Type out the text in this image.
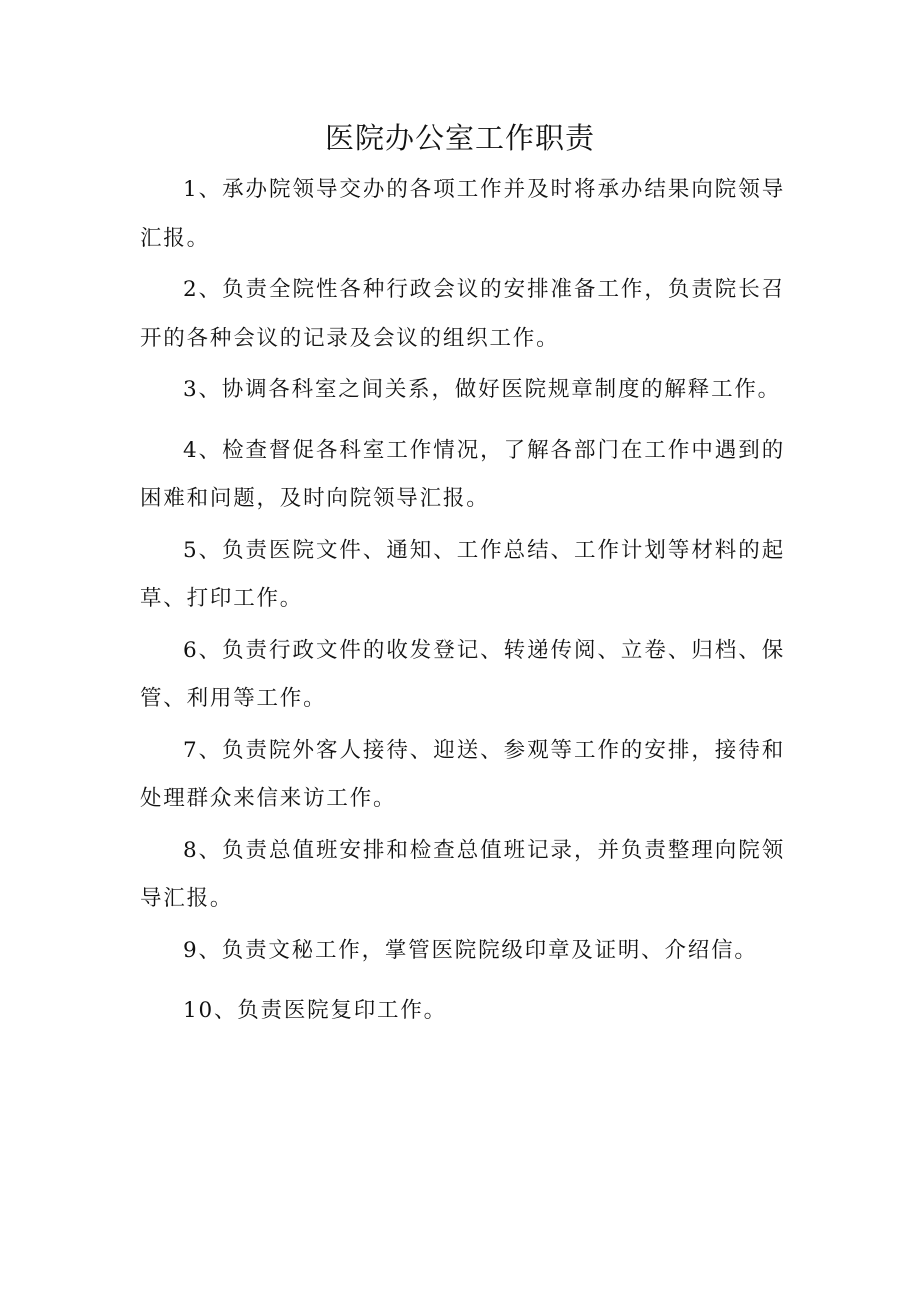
医院办公室工作职责

1、承办院领导交办的各项工作并及时将承办结果向院领导汇报。

2、负责全院性各种行政会议的安排准备工作，负责院长召开的各种会议的记录及会议的组织工作。

3、协调各科室之间关系，做好医院规章制度的解释工作。

4、检查督促各科室工作情况，了解各部门在工作中遇到的困难和问题，及时向院领导汇报。

5、负责医院文件、通知、工作总结、工作计划等材料的起草、打印工作。

6、负责行政文件的收发登记、转递传阅、立卷、归档、保管、利用等工作。

7、负责院外客人接待、迎送、参观等工作的安排，接待和处理群众来信来访工作。

8、负责总值班安排和检查总值班记录，并负责整理向院领导汇报。

9、负责文秘工作，掌管医院院级印章及证明、介绍信。

10、负责医院复印工作。
